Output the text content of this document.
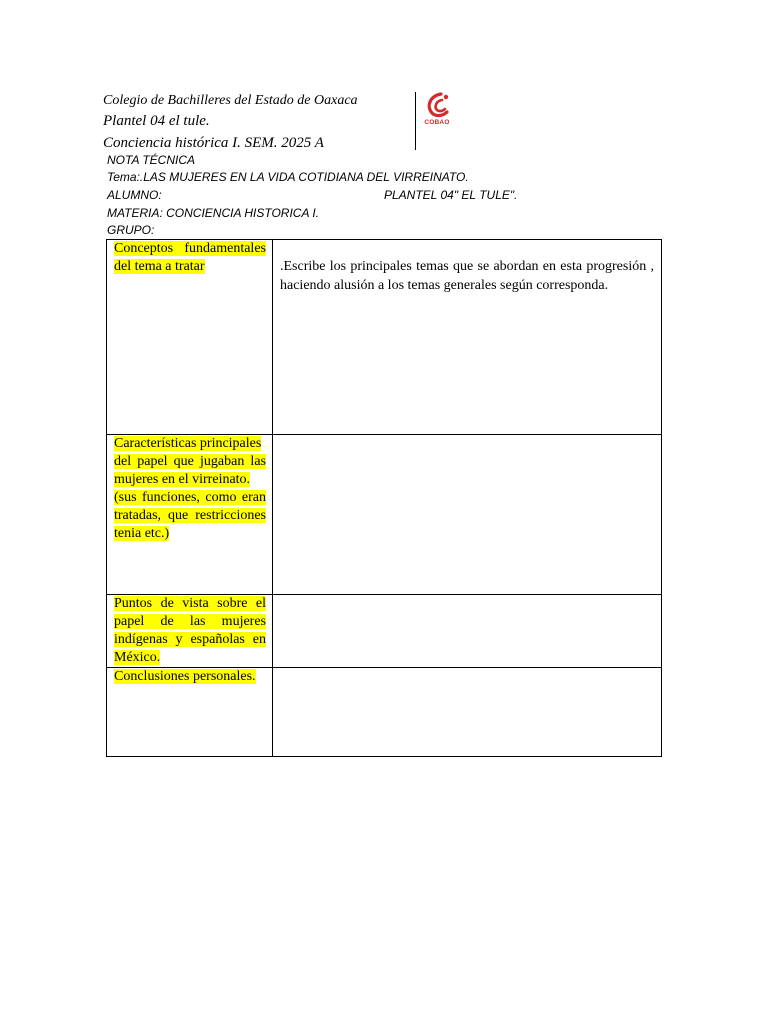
Colegio de Bachilleres del Estado de Oaxaca
Plantel 04 el tule.
Conciencia histórica I. SEM. 2025 A
COBAO
NOTA TÉCNICA
Tema:.LAS MUJERES EN LA VIDA COTIDIANA DEL VIRREINATO.
ALUMNO:	PLANTEL 04" EL TULE".
MATERIA: CONCIENCIA HISTORICA I.
GRUPO:
Conceptos fundamentales del tema a tratar	.Escribe los principales temas que se abordan en esta progresión , haciendo alusión a los temas generales según corresponda.

Características principales
del papel que jugaban las mujeres en el virreinato.
(sus funciones, como eran tratadas, que restricciones tenia etc.)	

Puntos de vista sobre el papel de las mujeres indígenas y españolas en México.	

Conclusiones personales.	
